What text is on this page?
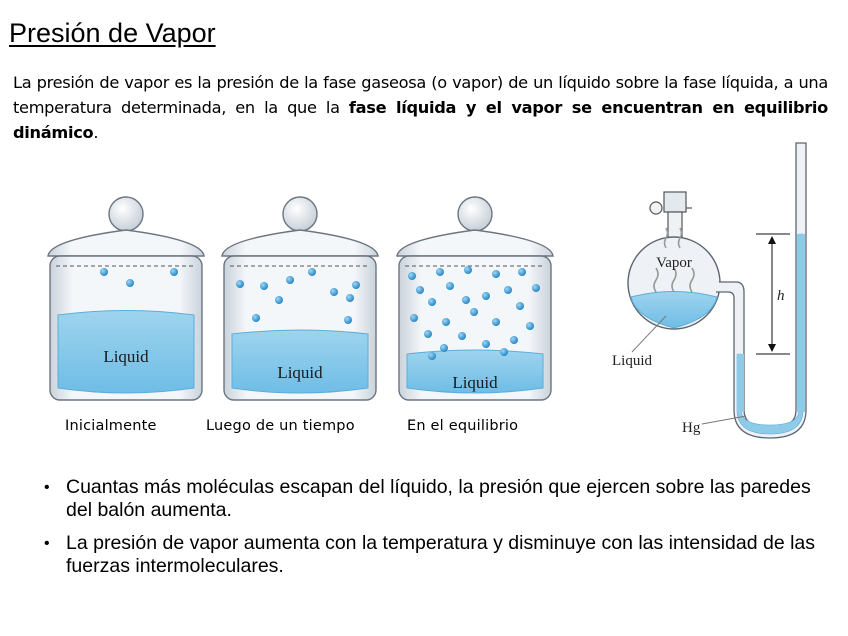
Presión de Vapor
La presión de vapor es la presión de la fase gaseosa (o vapor) de un líquido sobre la fase líquida, a una temperatura determinada, en la que la fase líquida y el vapor se encuentran en equilibrio dinámico.
Liquid
Liquid
Liquid
Vapor
h
Liquid
Hg
Inicialmente	Luego de un tiempo	En el equilibrio
• Cuantas más moléculas escapan del líquido, la presión que ejercen sobre las paredes del balón aumenta.
• La presión de vapor aumenta con la temperatura y disminuye con las intensidad de las fuerzas intermoleculares.
